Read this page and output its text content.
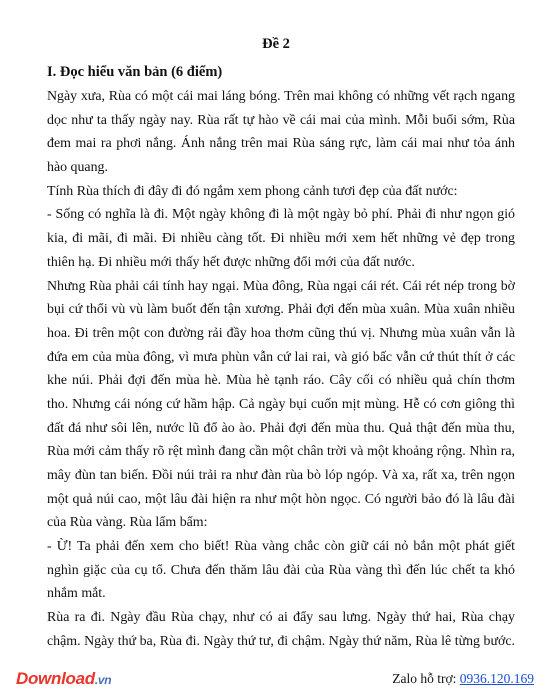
Đề 2
I. Đọc hiểu văn bản (6 điểm)
Ngày xưa, Rùa có một cái mai láng bóng. Trên mai không có những vết rạch ngang
dọc như ta thấy ngày nay. Rùa rất tự hào về cái mai của mình. Mỗi buổi sớm, Rùa
đem mai ra phơi nắng. Ánh nắng trên mai Rùa sáng rực, làm cái mai như tỏa ánh
hào quang.
Tính Rùa thích đi đây đi đó ngắm xem phong cảnh tươi đẹp của đất nước:
- Sống có nghĩa là đi. Một ngày không đi là một ngày bỏ phí. Phải đi như ngọn gió
kia, đi mãi, đi mãi. Đi nhiều càng tốt. Đi nhiều mới xem hết những vẻ đẹp trong
thiên hạ. Đi nhiều mới thấy hết được những đổi mới của đất nước.
Nhưng Rùa phải cái tính hay ngại. Mùa đông, Rùa ngại cái rét. Cái rét nép trong bờ
bụi cứ thổi vù vù làm buốt đến tận xương. Phải đợi đến mùa xuân. Mùa xuân nhiều
hoa. Đi trên một con đường rải đầy hoa thơm cũng thú vị. Nhưng mùa xuân vẫn là
đứa em của mùa đông, vì mưa phùn vẫn cứ lai rai, và gió bấc vẫn cứ thút thít ở các
khe núi. Phải đợi đến mùa hè. Mùa hè tạnh ráo. Cây cối có nhiều quả chín thơm
tho. Nhưng cái nóng cứ hầm hập. Cả ngày bụi cuốn mịt mùng. Hễ có cơn giông thì
đất đá như sôi lên, nước lũ đổ ào ào. Phải đợi đến mùa thu. Quả thật đến mùa thu,
Rùa mới cảm thấy rõ rệt mình đang cần một chân trời và một khoảng rộng. Nhìn ra,
mây đùn tan biến. Đồi núi trải ra như đàn rùa bò lóp ngóp. Và xa, rất xa, trên ngọn
một quả núi cao, một lâu đài hiện ra như một hòn ngọc. Có người bảo đó là lâu đài
của Rùa vàng. Rùa lẩm bẩm:
- Ừ! Ta phải đến xem cho biết! Rùa vàng chắc còn giữ cái nỏ bắn một phát giết
nghìn giặc của cụ tổ. Chưa đến thăm lâu đài của Rùa vàng thì đến lúc chết ta khó
nhắm mắt.
Rùa ra đi. Ngày đầu Rùa chạy, như có ai đẩy sau lưng. Ngày thứ hai, Rùa chạy
chậm. Ngày thứ ba, Rùa đi. Ngày thứ tư, đi chậm. Ngày thứ năm, Rùa lê từng bước.
Download.vn	Zalo hỗ trợ: 0936.120.169
